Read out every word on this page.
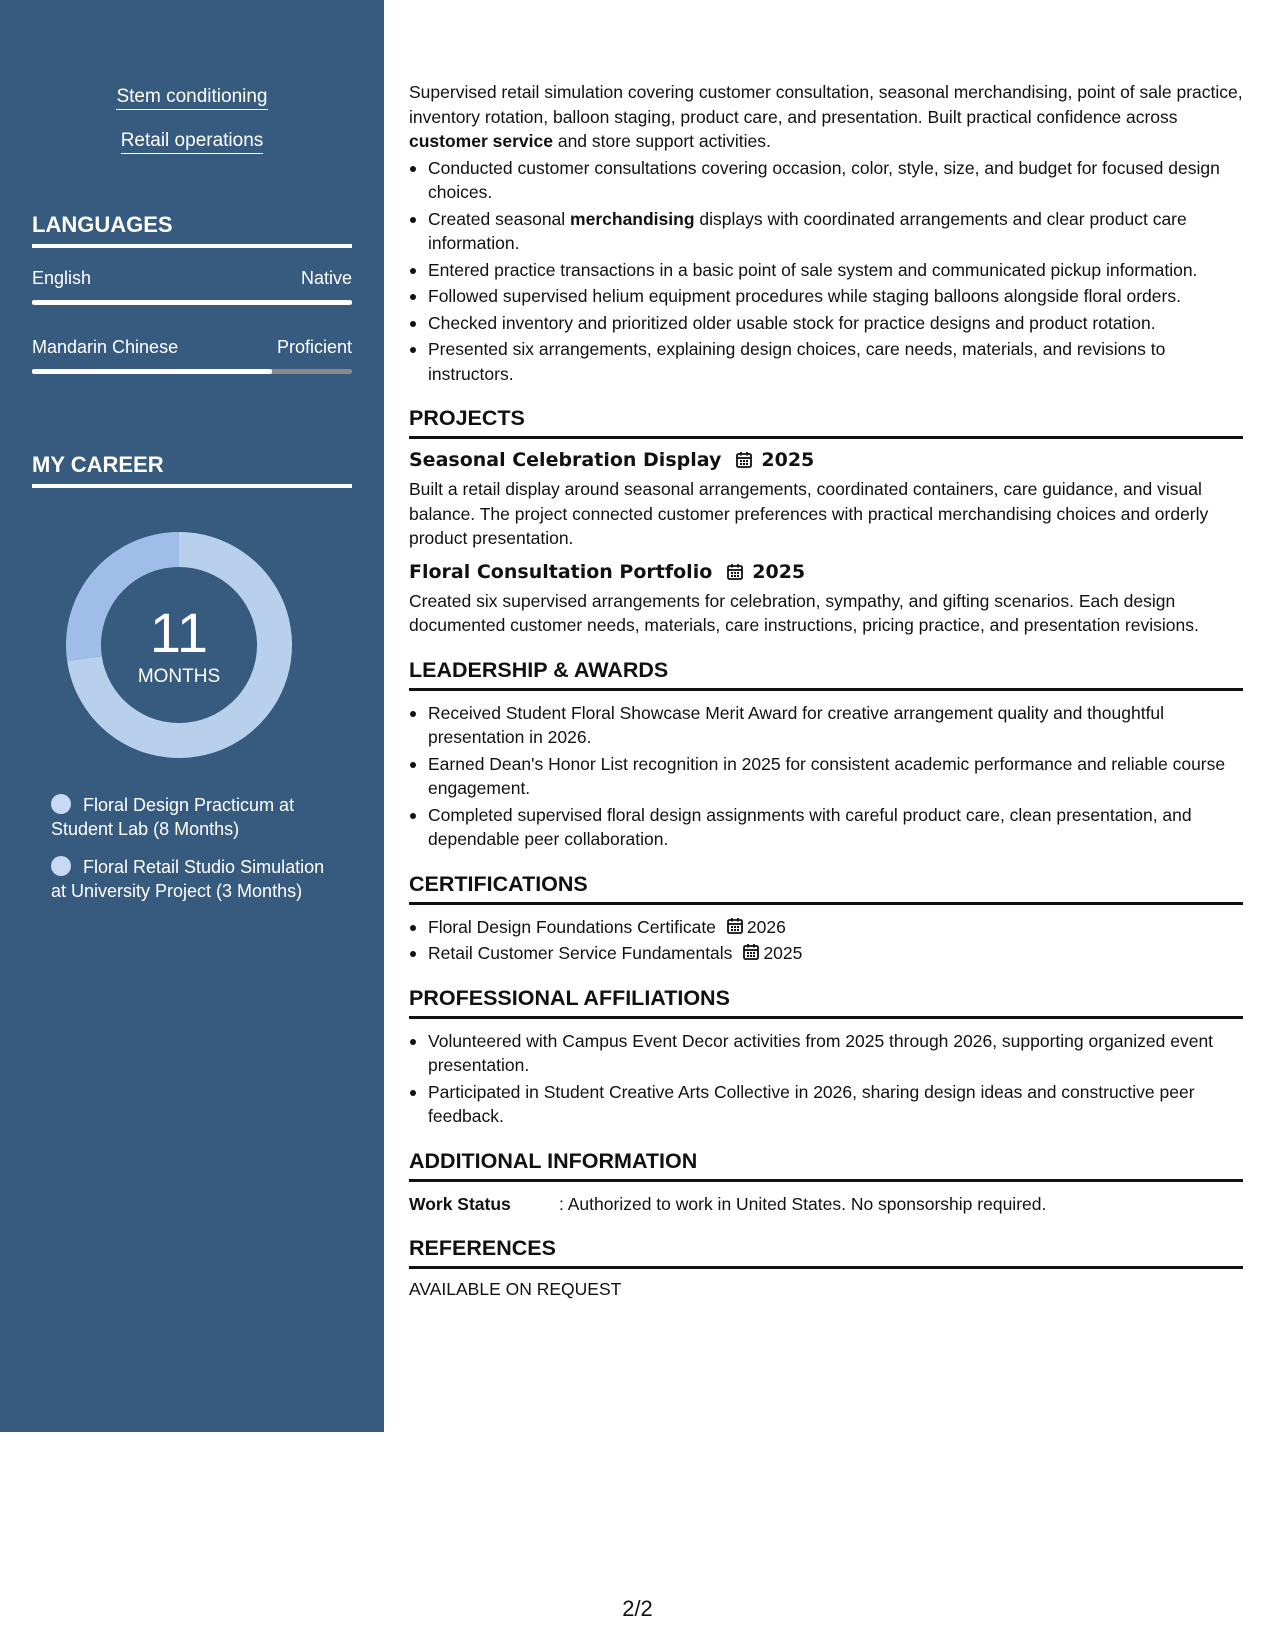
Stem conditioning
Retail operations
LANGUAGES
English	Native
Mandarin Chinese	Proficient
MY CAREER
11
MONTHS
Floral Design Practicum at Student Lab (8 Months)
Floral Retail Studio Simulation at University Project (3 Months)

Supervised retail simulation covering customer consultation, seasonal merchandising, point of sale practice, inventory rotation, balloon staging, product care, and presentation. Built practical confidence across customer service and store support activities.

Conducted customer consultations covering occasion, color, style, size, and budget for focused design choices.
Created seasonal merchandising displays with coordinated arrangements and clear product care information.
Entered practice transactions in a basic point of sale system and communicated pickup information.
Followed supervised helium equipment procedures while staging balloons alongside floral orders.
Checked inventory and prioritized older usable stock for practice designs and product rotation.
Presented six arrangements, explaining design choices, care needs, materials, and revisions to instructors.
PROJECTS
Seasonal Celebration Display 2025

Built a retail display around seasonal arrangements, coordinated containers, care guidance, and visual balance. The project connected customer preferences with practical merchandising choices and orderly product presentation.

Floral Consultation Portfolio 2025

Created six supervised arrangements for celebration, sympathy, and gifting scenarios. Each design documented customer needs, materials, care instructions, pricing practice, and presentation revisions.

LEADERSHIP & AWARDS
Received Student Floral Showcase Merit Award for creative arrangement quality and thoughtful presentation in 2026.
Earned Dean's Honor List recognition in 2025 for consistent academic performance and reliable course engagement.
Completed supervised floral design assignments with careful product care, clean presentation, and dependable peer collaboration.
CERTIFICATIONS
Floral Design Foundations Certificate 2026
Retail Customer Service Fundamentals 2025
PROFESSIONAL AFFILIATIONS
Volunteered with Campus Event Decor activities from 2025 through 2026, supporting organized event presentation.
Participated in Student Creative Arts Collective in 2026, sharing design ideas and constructive peer feedback.
ADDITIONAL INFORMATION
Work Status	: Authorized to work in United States. No sponsorship required.
REFERENCES
AVAILABLE ON REQUEST
2/2
